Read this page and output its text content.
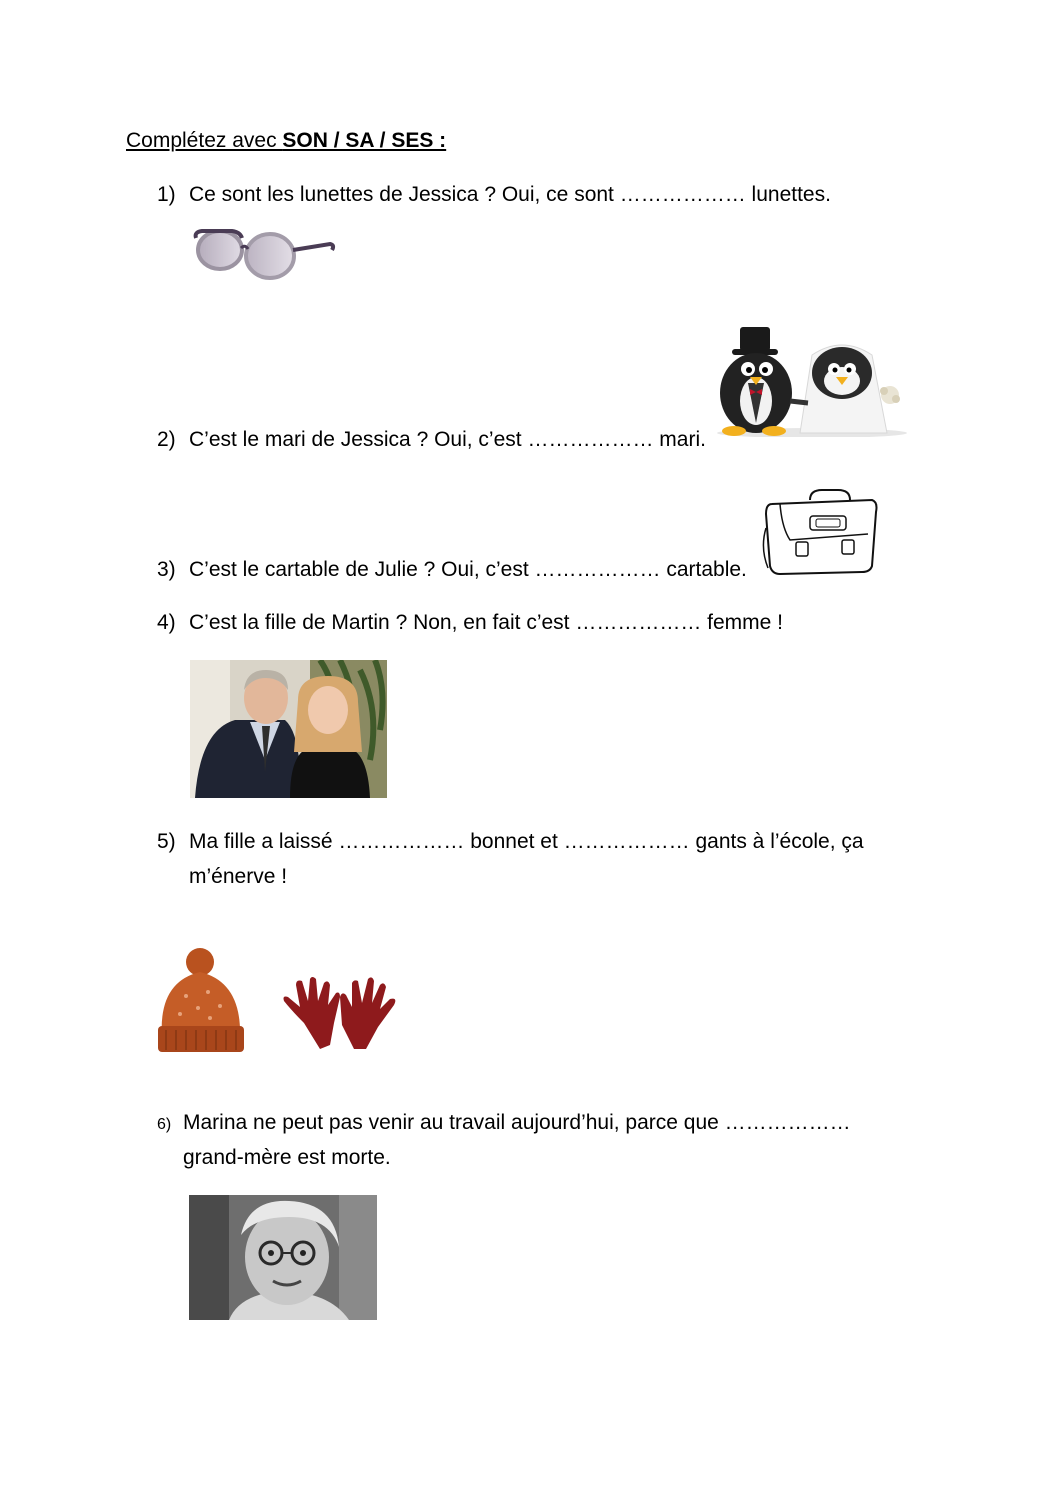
Complétez avec SON / SA / SES :
1) Ce sont les lunettes de Jessica ? Oui, ce sont ……………… lunettes.
2) C’est le mari de Jessica ? Oui, c’est ……………… mari.
3) C’est le cartable de Julie ? Oui, c’est ……………… cartable.
4) C’est la fille de Martin ? Non, en fait c’est ……………… femme !
5) Ma fille a laissé ……………… bonnet et ……………… gants à l’école, ça
m’énerve !
6) Marina ne peut pas venir au travail aujourd’hui, parce que ………………
grand-mère est morte.
